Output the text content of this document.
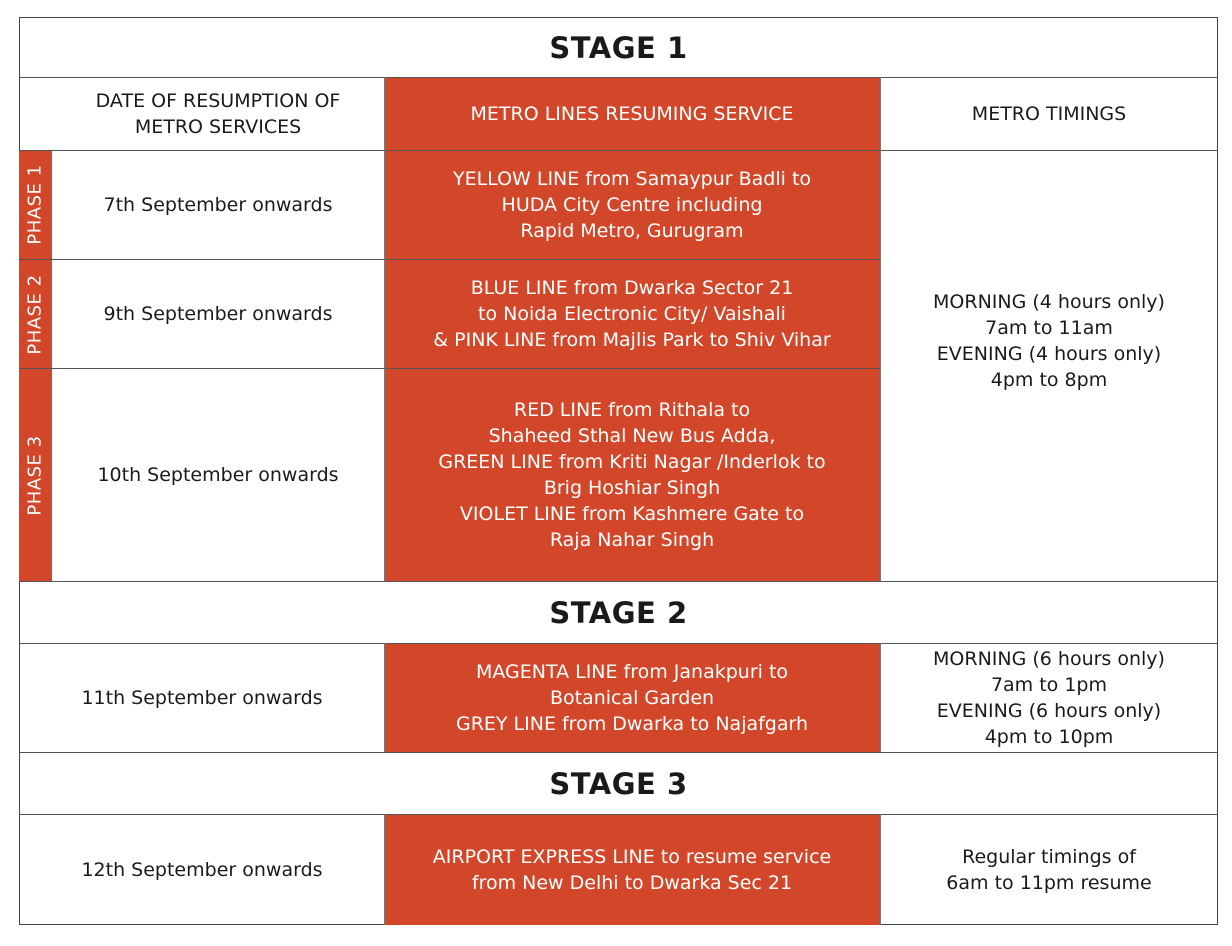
METRO LINES RESUMING SERVICE
YELLOW LINE from Samaypur Badli to
HUDA City Centre including
Rapid Metro, Gurugram
BLUE LINE from Dwarka Sector 21
to Noida Electronic City/ Vaishali
& PINK LINE from Majlis Park to Shiv Vihar
RED LINE from Rithala to
Shaheed Sthal New Bus Adda,
GREEN LINE from Kriti Nagar /Inderlok to
Brig Hoshiar Singh
VIOLET LINE from Kashmere Gate to
Raja Nahar Singh
MAGENTA LINE from Janakpuri to
Botanical Garden
GREY LINE from Dwarka to Najafgarh
AIRPORT EXPRESS LINE to resume service
from New Delhi to Dwarka Sec 21
STAGE 1
STAGE 2
STAGE 3
DATE OF RESUMPTION OF
METRO SERVICES
METRO TIMINGS
PHASE 1
PHASE 2
PHASE 3
7th September onwards
9th September onwards
10th September onwards
11th September onwards
12th September onwards
MORNING (4 hours only)
7am to 11am
EVENING (4 hours only)
4pm to 8pm
MORNING (6 hours only)
7am to 1pm
EVENING (6 hours only)
4pm to 10pm
Regular timings of
6am to 11pm resume
